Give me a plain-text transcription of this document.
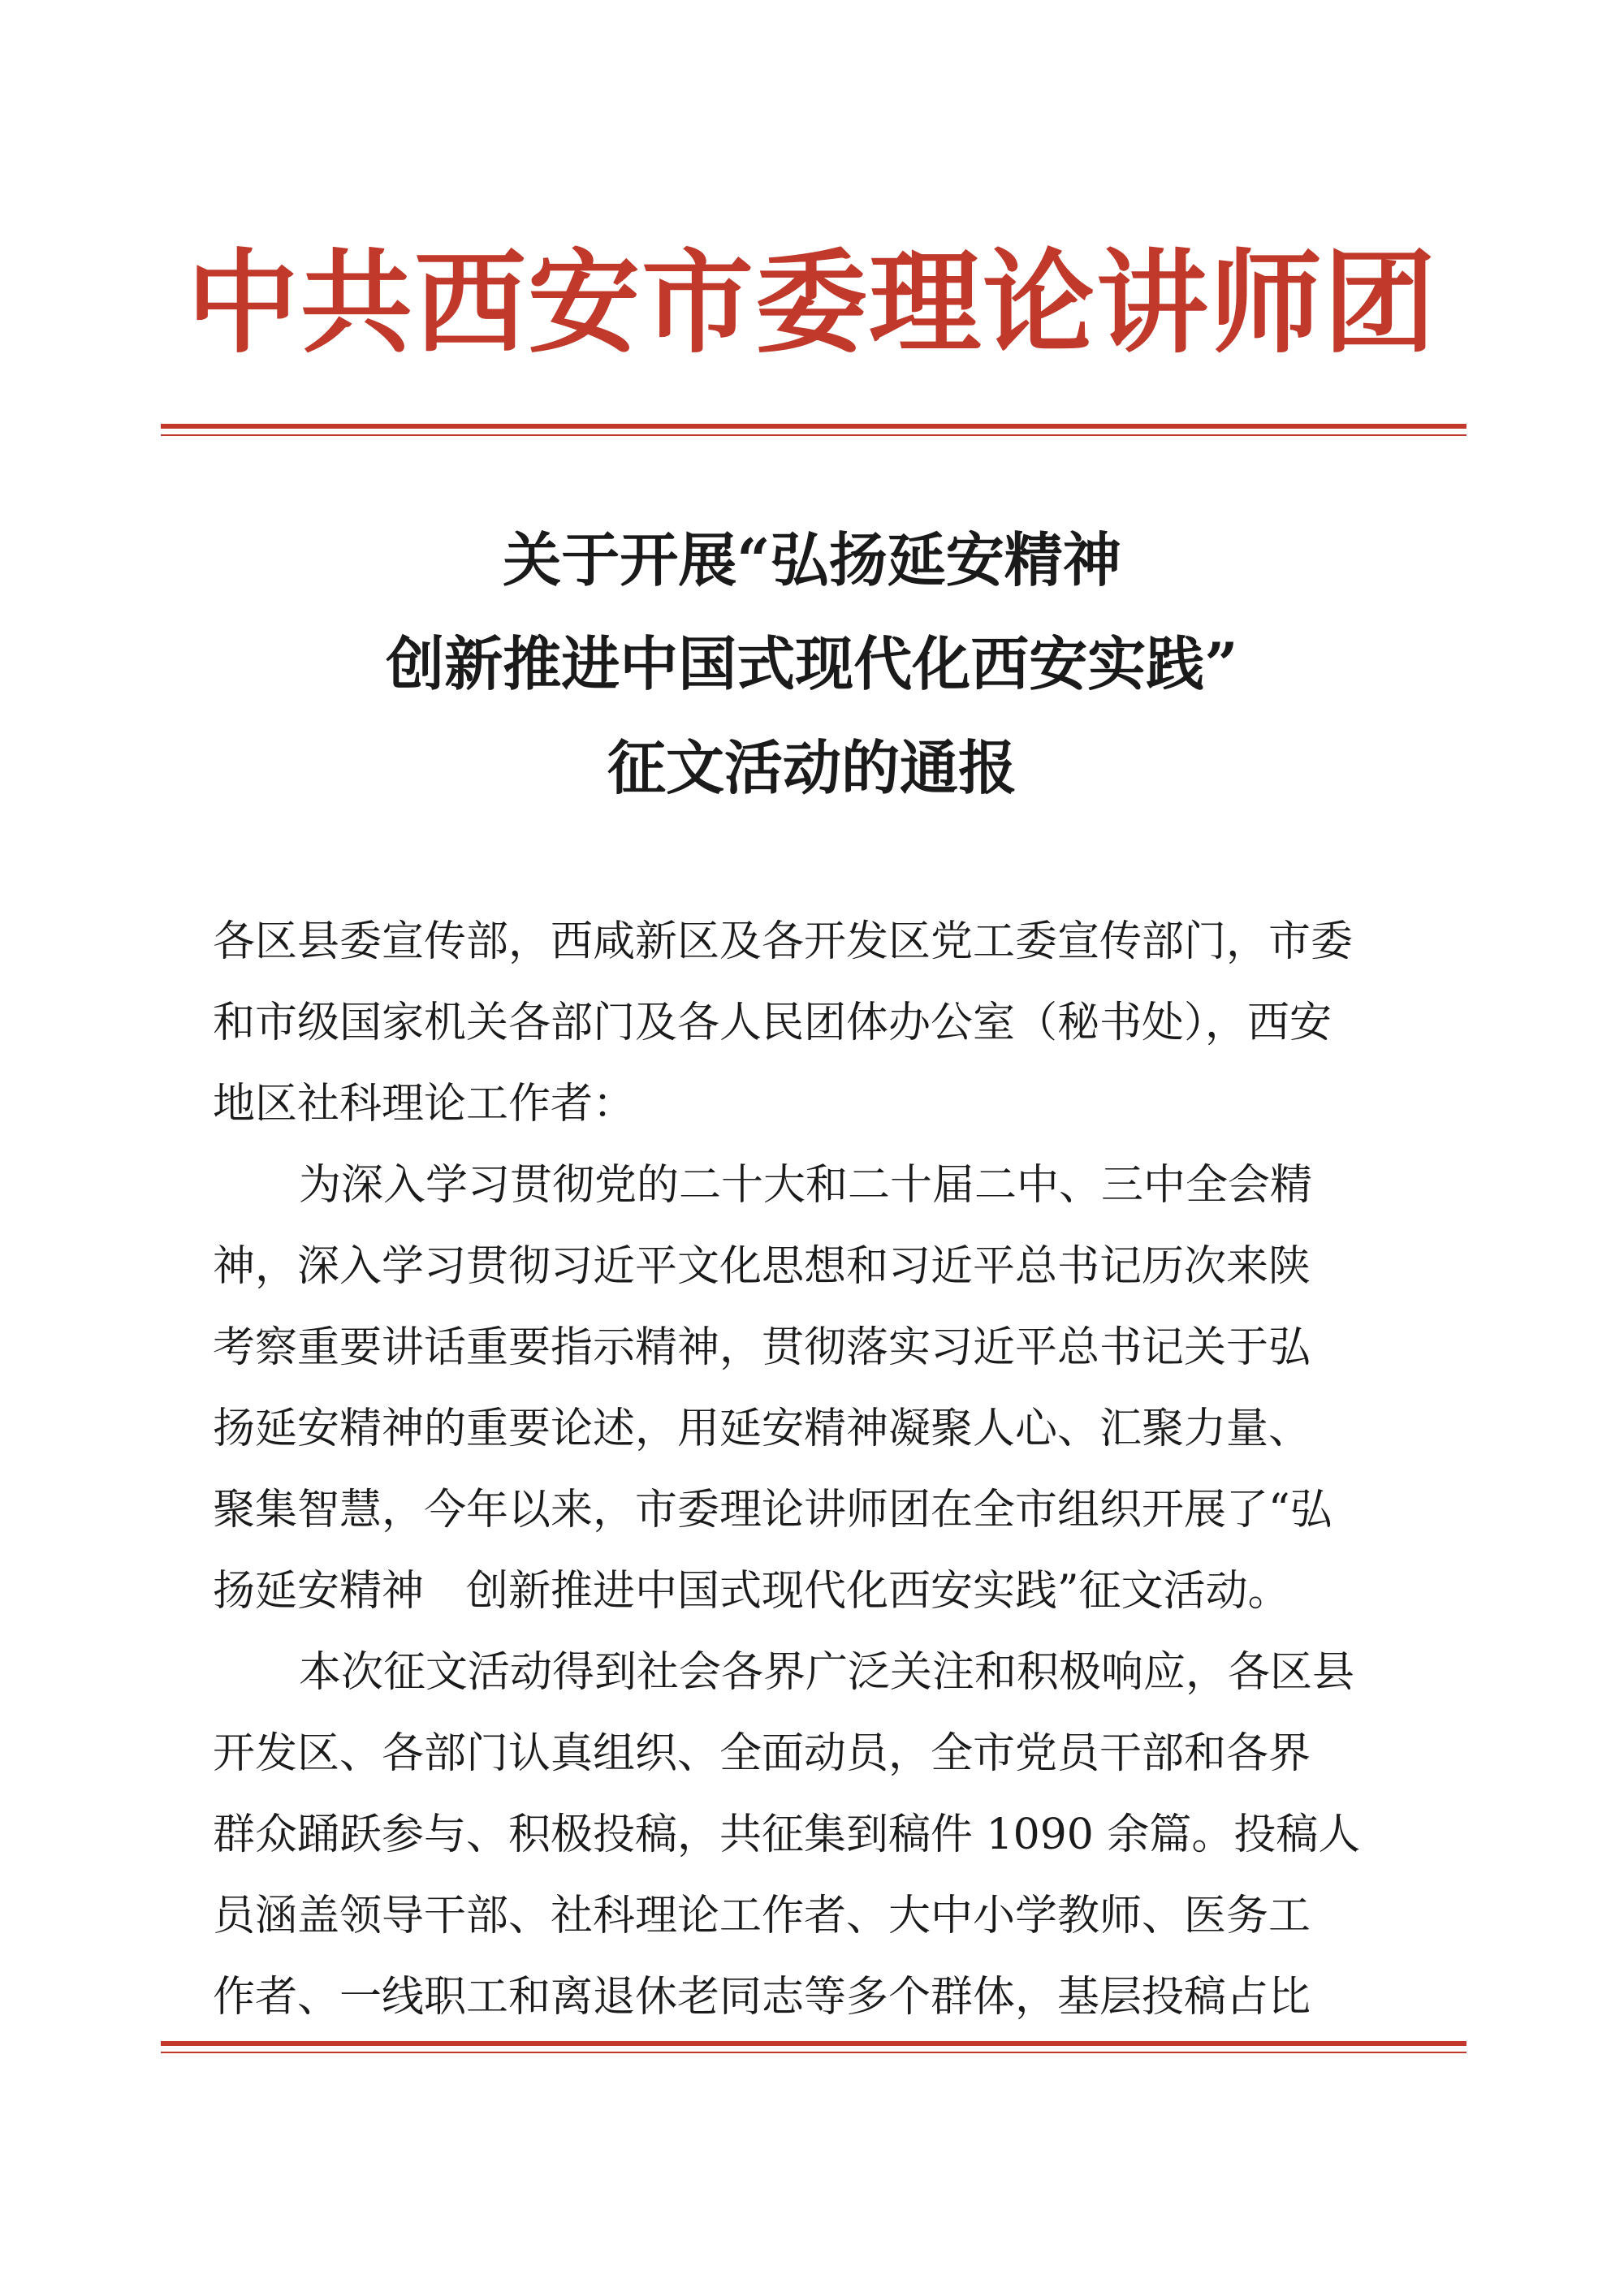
中共西安市委理论讲师团
关于开展“弘扬延安精神
创新推进中国式现代化西安实践”
征文活动的通报
各区县委宣传部，西咸新区及各开发区党工委宣传部门，市委
和市级国家机关各部门及各人民团体办公室（秘书处），西安
地区社科理论工作者：
为深入学习贯彻党的二十大和二十届二中、三中全会精
神，深入学习贯彻习近平文化思想和习近平总书记历次来陕
考察重要讲话重要指示精神，贯彻落实习近平总书记关于弘
扬延安精神的重要论述，用延安精神凝聚人心、汇聚力量、
聚集智慧，今年以来，市委理论讲师团在全市组织开展了“弘
扬延安精神　创新推进中国式现代化西安实践”征文活动。
本次征文活动得到社会各界广泛关注和积极响应，各区县
开发区、各部门认真组织、全面动员，全市党员干部和各界
群众踊跃参与、积极投稿，共征集到稿件 1090 余篇。投稿人
员涵盖领导干部、社科理论工作者、大中小学教师、医务工
作者、一线职工和离退休老同志等多个群体，基层投稿占比
